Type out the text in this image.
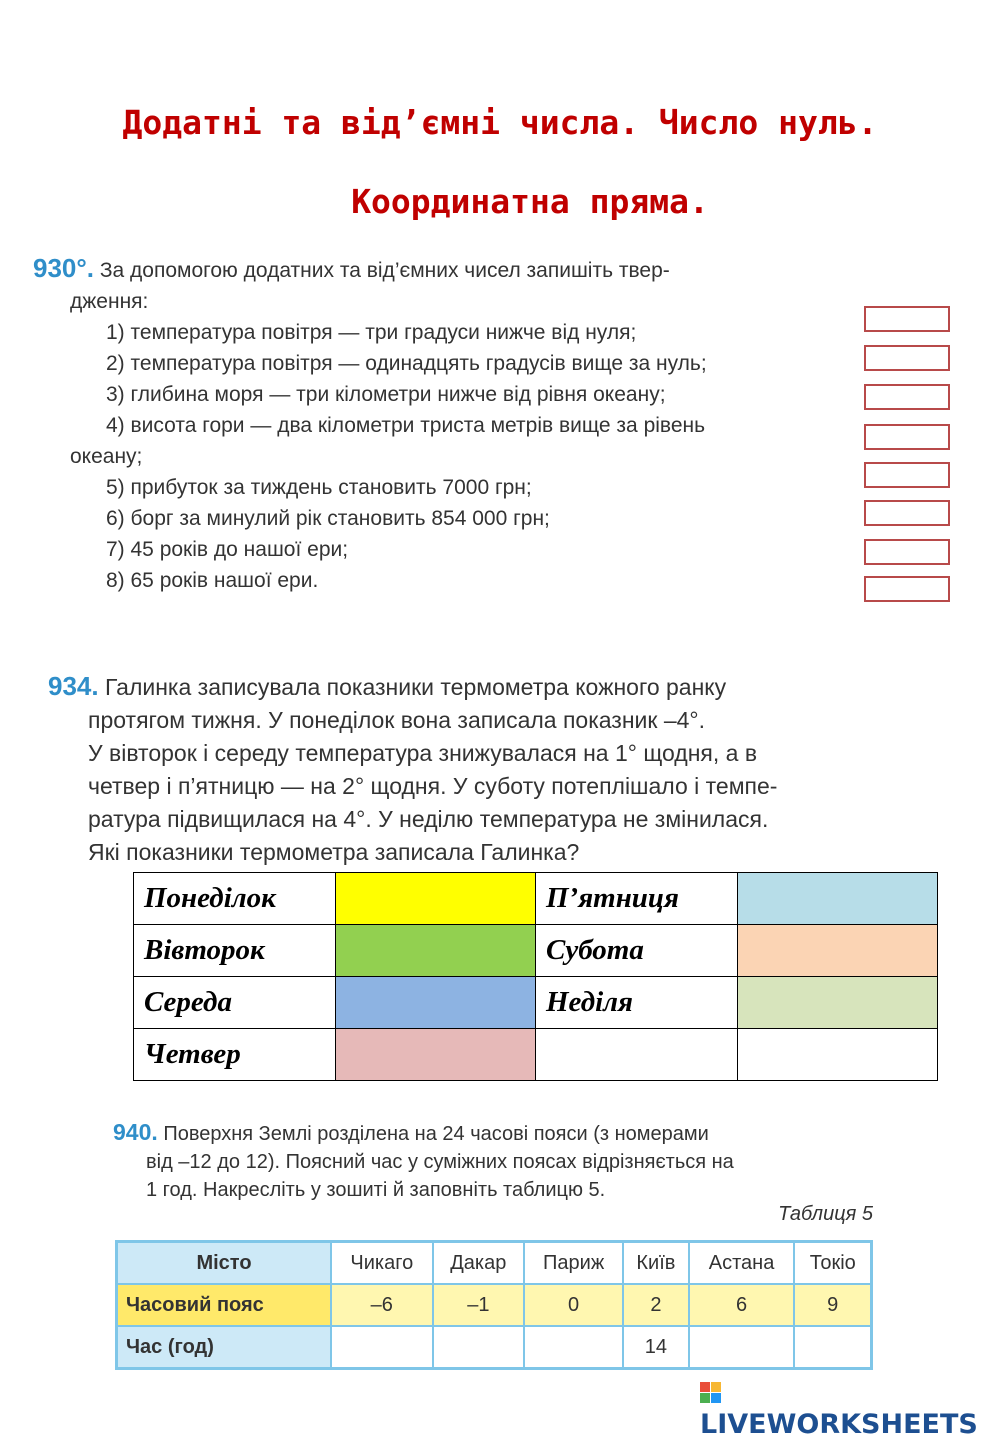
Додатні та від’ємні числа. Число нуль.
Координатна пряма.
930°. За допомогою додатних та від’ємних чисел запишіть твер-
дження:
1) температура повітря — три градуси нижче від нуля;
2) температура повітря — одинадцять градусів вище за нуль;
3) глибина моря — три кілометри нижче від рівня океану;
4) висота гори — два кілометри триста метрів вище за рівень
океану;
5) прибуток за тиждень становить 7000 грн;
6) борг за минулий рік становить 854 000 грн;
7) 45 років до нашої ери;
8) 65 років нашої ери.
934. Галинка записувала показники термометра кожного ранку
протягом тижня. У понеділок вона записала показник –4°.
У вівторок і середу температура знижувалася на 1° щодня, а в
четвер і п’ятницю — на 2° щодня. У суботу потеплішало і темпе-
ратура підвищилася на 4°. У неділю температура не змінилася.
Які показники термометра записала Галинка?
Понеділок		П’ятниця	
Вівторок		Субота	
Середа		Неділя	
Четвер			
940. Поверхня Землі розділена на 24 часові пояси (з номерами
від –12 до 12). Поясний час у суміжних поясах відрізняється на
1 год. Накресліть у зошиті й заповніть таблицю 5.
Таблиця 5
Місто	Чикаго	Дакар	Париж	Київ	Астана	Токіо
Часовий пояс	–6	–1	0	2	6	9
Час (год)				14		
LIVEWORKSHEETS
